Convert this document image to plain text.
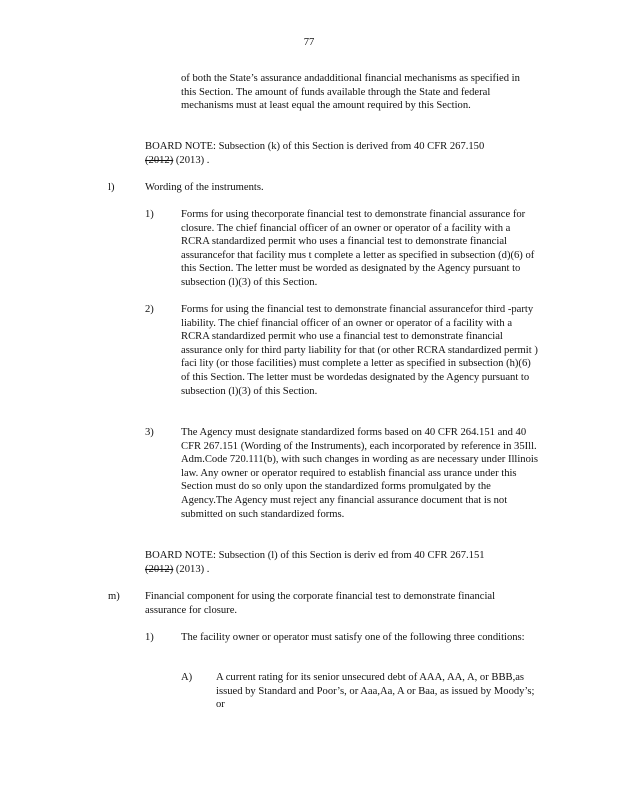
77

of both the State’s assurance andadditional financial mechanisms as specified in this Section. The amount of funds available through the State and federal mechanisms must at least equal the amount required by this Section.

BOARD NOTE: Subsection (k) of this Section is derived from 40 CFR 267.150
(2012) (2013) .

l)	Wording of the instruments.
1)	Forms for using thecorporate financial test to demonstrate financial assurance for closure. The chief financial officer of an owner or operator of a facility with a RCRA standardized permit who uses a financial test to demonstrate financial assurancefor that facility mus t complete a letter as specified in subsection (d)(6) of this Section. The letter must be worded as designated by the Agency pursuant to subsection (l)(3) of this Section.

2)	Forms for using the financial test to demonstrate financial assurancefor third -party liability. The chief financial officer of an owner or operator of a facility with a RCRA standardized permit who use a financial test to demonstrate financial assurance only for third party liability for that (or other RCRA standardized permit ) faci lity (or those facilities) must complete a letter as specified in subsection (h)(6) of this Section. The letter must be wordedas designated by the Agency pursuant to subsection (l)(3) of this Section.

3)	The Agency must designate standardized forms based on 40 CFR 264.151 and 40 CFR 267.151 (Wording of the Instruments), each incorporated by reference in 35Ill. Adm.Code 720.111(b), with such changes in wording as are necessary under Illinois law. Any owner or operator required to establish financial ass urance under this Section must do so only upon the standardized forms promulgated by the Agency.The Agency must reject any financial assurance document that is not submitted on such standardized forms.

BOARD NOTE: Subsection (l) of this Section is deriv ed from 40 CFR 267.151
(2012) (2013) .

m) Financial component for using the corporate financial test to demonstrate financial assurance for closure.

1)	The facility owner or operator must satisfy one of the following three conditions:

A) A current rating for its senior unsecured debt of AAA, AA, A, or BBB,as issued by Standard and Poor’s, or Aaa,Aa, A or Baa, as issued by Moody’s; or
